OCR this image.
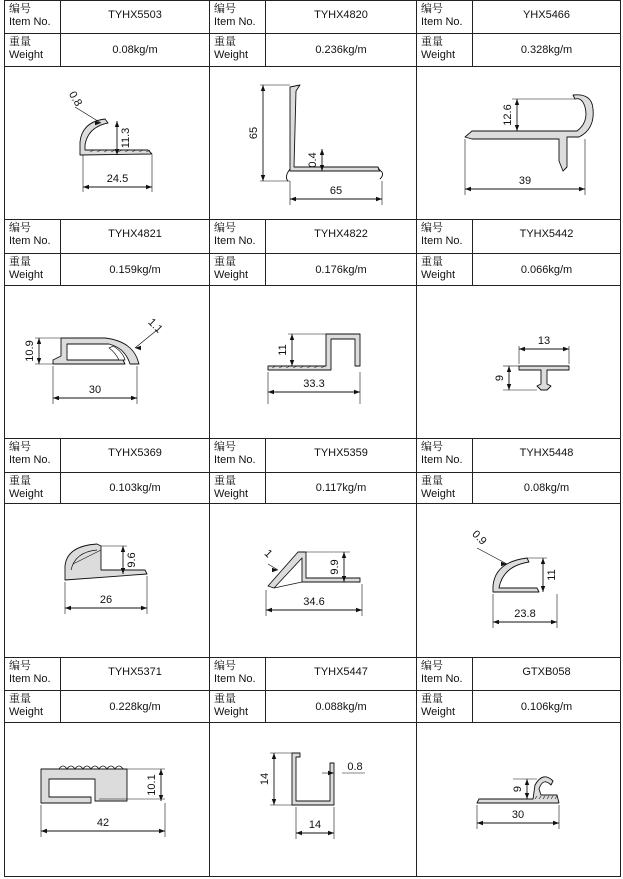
编号
Item No.
TYHX5503
重量
Weight	0.08kg/m
24.5
11.3
0.8
编号
Item No.
TYHX4820
重量
Weight	0.236kg/m
65
0.4
65
编号
Item No.
YHX5466
重量
Weight	0.328kg/m
12.6
39
编号
Item No.
TYHX4821
重量
Weight	0.159kg/m
10.9
1.1
30
编号
Item No.
TYHX4822
重量
Weight	0.176kg/m
11
33.3
编号
Item No.
TYHX5442
重量
Weight	0.066kg/m
13
9
编号
Item No.
TYHX5369
重量
Weight	0.103kg/m
9.6
26
编号
Item No.
TYHX5359
重量
Weight	0.117kg/m
9.9
1
34.6
编号
Item No.
TYHX5448
重量
Weight	0.08kg/m
11
0.9
23.8
编号
Item No.
TYHX5371
重量
Weight	0.228kg/m
10.1
42
编号
Item No.
TYHX5447
重量
Weight	0.088kg/m
14
0.8
14
编号
Item No.
GTXB058
重量
Weight	0.106kg/m
9
30
